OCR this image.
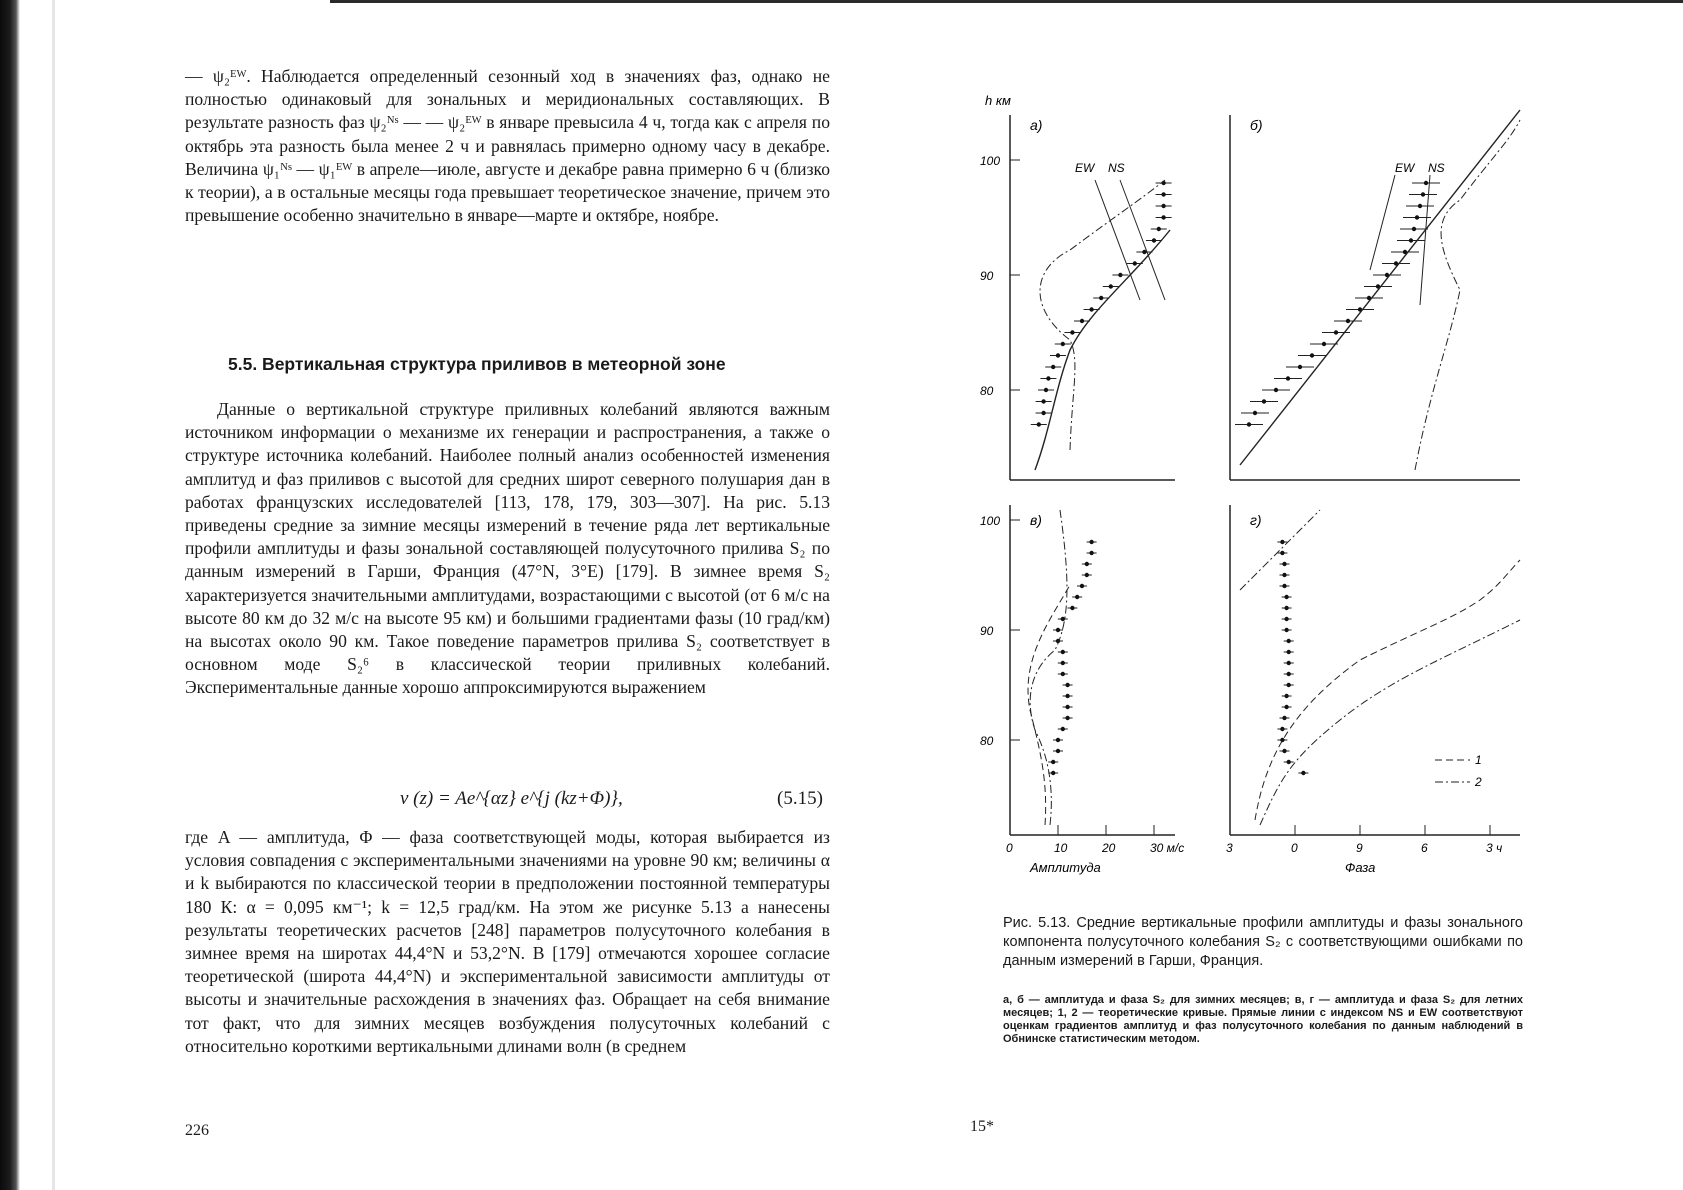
— ψ₂ᴱᵂ. Наблюдается определенный сезонный ход в значениях фаз, однако не полностью одинаковый для зональных и меридиональных составляющих. В результате разность фаз ψ₂ᴺˢ — — ψ₂ᴱᵂ в январе превысила 4 ч, тогда как с апреля по октябрь эта разность была менее 2 ч и равнялась примерно одному часу в декабре. Величина ψ₁ᴺˢ — ψ₁ᴱᵂ в апреле—июле, августе и декабре равна примерно 6 ч (близко к теории), а в остальные месяцы года превышает теоретическое значение, причем это превышение особенно значительно в январе—марте и октябре, ноябре.
5.5. Вертикальная структура приливов в метеорной зоне
Данные о вертикальной структуре приливных колебаний являются важным источником информации о механизме их генерации и распространения, а также о структуре источника колебаний. Наиболее полный анализ особенностей изменения амплитуд и фаз приливов с высотой для средних широт северного полушария дан в работах французских исследователей [113, 178, 179, 303—307]. На рис. 5.13 приведены средние за зимние месяцы измерений в течение ряда лет вертикальные профили амплитуды и фазы зональной составляющей полусуточного прилива S₂ по данным измерений в Гарши, Франция (47°N, 3°E) [179]. В зимнее время S₂ характеризуется значительными амплитудами, возрастающими с высотой (от 6 м/с на высоте 80 км до 32 м/с на высоте 95 км) и большими градиентами фазы (10 град/км) на высотах около 90 км. Такое поведение параметров прилива S₂ соответствует в основном моде S₂⁶ в классической теории приливных колебаний. Экспериментальные данные хорошо аппроксимируются выражением
v (z) = Ae^{αz} e^{j (kz+Φ)},	(5.15)
где A — амплитуда, Φ — фаза соответствующей моды, которая выбирается из условия совпадения с экспериментальными значениями на уровне 90 км; величины α и k выбираются по классической теории в предположении постоянной температуры 180 К: α = 0,095 км⁻¹; k = 12,5 град/км. На этом же рисунке 5.13 а нанесены результаты теоретических расчетов [248] параметров полусуточного колебания в зимнее время на широтах 44,4°N и 53,2°N. В [179] отмечаются хорошее согласие теоретической (широта 44,4°N) и экспериментальной зависимости амплитуды от высоты и значительные расхождения в значениях фаз. Обращает на себя внимание тот факт, что для зимних месяцев возбуждения полусуточных колебаний с относительно короткими вертикальными длинами волн (в среднем
226
h км
а)
EW NS
80
90
100
б)
EW NS
в)
80
90
100
0	10	20	30 м/с
Амплитуда
г)
3	0	9	6	3 ч
Фаза
1
2
Рис. 5.13. Средние вертикальные профили амплитуды и фазы зонального компонента полусуточного колебания S₂ с соответствующими ошибками по данным измерений в Гарши, Франция.
а, б — амплитуда и фаза S₂ для зимних месяцев; в, г — амплитуда и фаза S₂ для летних месяцев; 1, 2 — теоретические кривые. Прямые линии с индексом NS и EW соответствуют оценкам градиентов амплитуд и фаз полусуточного колебания по данным наблюдений в Обнинске статистическим методом.
15*
